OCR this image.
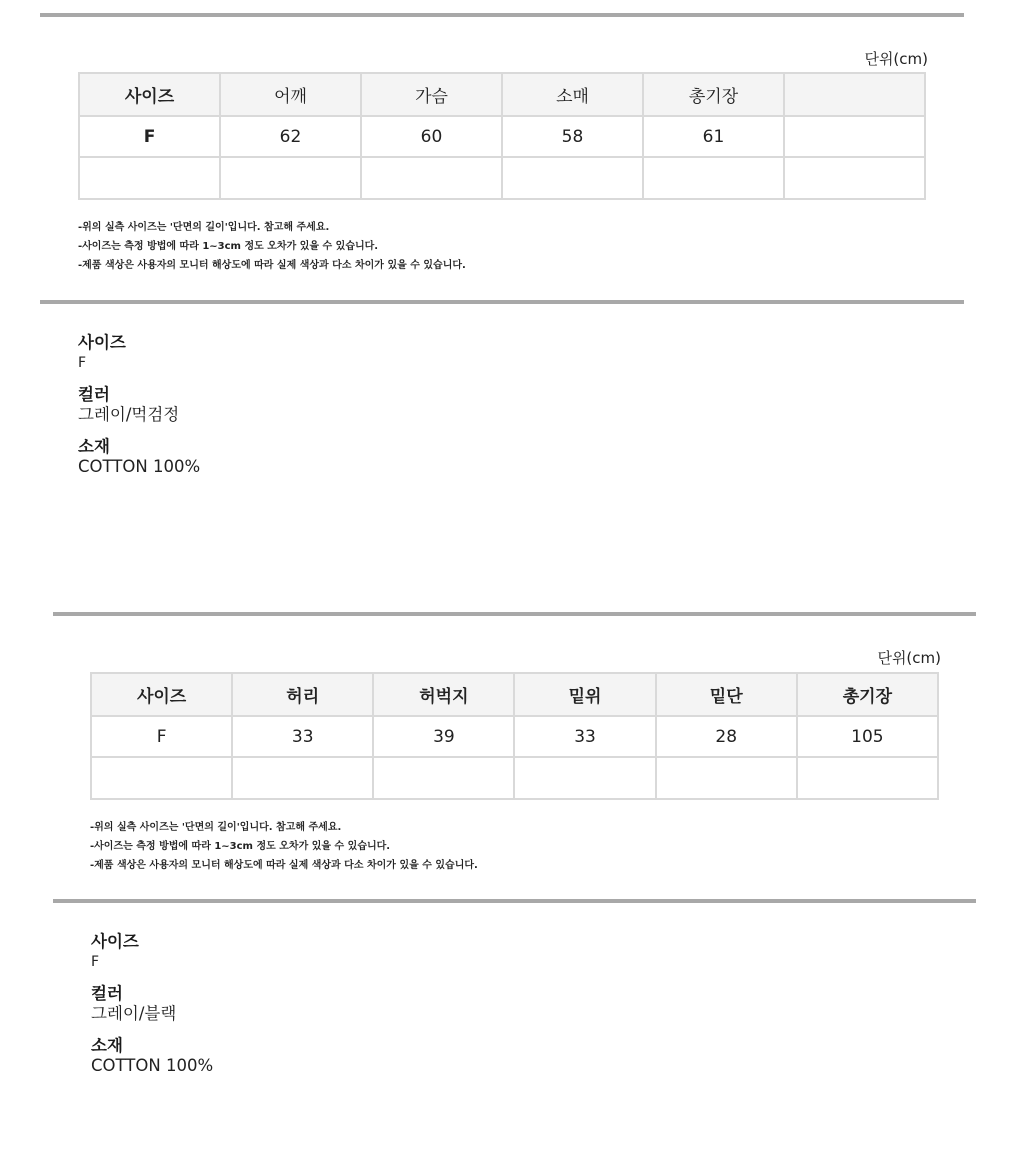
단위(cm)
사이즈	어깨	가슴	소매	총기장	
F	62	60	58	61	

-위의 실측 사이즈는 '단면의 길이'입니다. 참고해 주세요.
-사이즈는 측정 방법에 따라 1~3cm 정도 오차가 있을 수 있습니다.
-제품 색상은 사용자의 모니터 해상도에 따라 실제 색상과 다소 차이가 있을 수 있습니다.
사이즈
F
컬러
그레이/먹검정
소재
COTTON 100%
단위(cm)
사이즈	허리	허벅지	밑위	밑단	총기장
F	33	39	33	28	105

-위의 실측 사이즈는 '단면의 길이'입니다. 참고해 주세요.
-사이즈는 측정 방법에 따라 1~3cm 정도 오차가 있을 수 있습니다.
-제품 색상은 사용자의 모니터 해상도에 따라 실제 색상과 다소 차이가 있을 수 있습니다.
사이즈
F
컬러
그레이/블랙
소재
COTTON 100%
